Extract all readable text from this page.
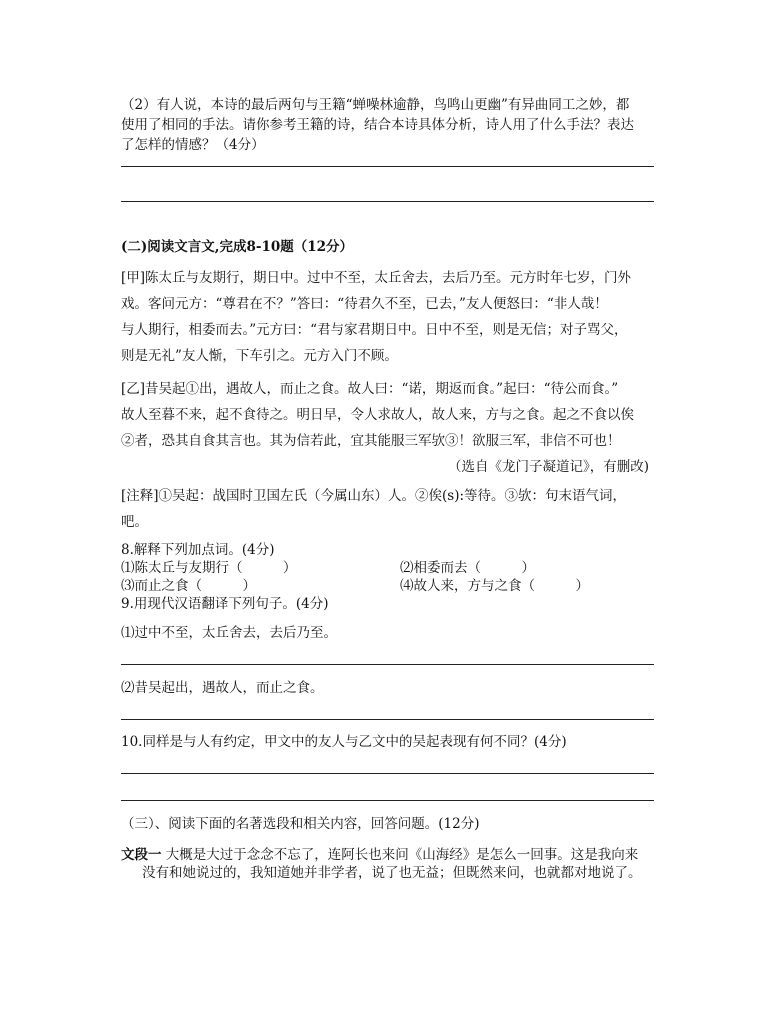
（2）有人说，本诗的最后两句与王籍“蝉噪林逾静，鸟鸣山更幽”有异曲同工之妙，都
使用了相同的手法。请你参考王籍的诗，结合本诗具体分析，诗人用了什么手法？表达
了怎样的情感？（4分）
(二)阅读文言文,完成8-10题（12分）
[甲]陈太丘与友期行，期日中。过中不至，太丘舍去，去后乃至。元方时年七岁，门外
戏。客问元方：“尊君在不？”答曰：“待君久不至，已去，”友人便怒曰：“非人哉！
与人期行，相委而去。”元方曰：“君与家君期日中。日中不至，则是无信；对子骂父，
则是无礼”友人惭，下车引之。元方入门不顾。
[乙]昔吴起①出，遇故人，而止之食。故人曰：“诺，期返而食。”起曰：“待公而食。”
故人至暮不来，起不食待之。明日早，令人求故人，故人来，方与之食。起之不食以俟
②者，恐其自食其言也。其为信若此，宜其能服三军欤③！欲服三军，非信不可也！
（选自《龙门子凝道记》，有删改)
[注释]①吴起：战国时卫国左氏（今属山东）人。②俟(s):等待。③欤：句末语气词，
吧。
8.解释下列加点词。(4分)
⑴陈太丘与友期行（　　　）	⑵相委而去（　　　）
⑶而止之食（　　　）	⑷故人来，方与之食（　　　）
9.用现代汉语翻译下列句子。(4分)
⑴过中不至，太丘舍去，去后乃至。
⑵昔吴起出，遇故人，而止之食。
10.同样是与人有约定，甲文中的友人与乙文中的吴起表现有何不同？(4分)
（三）、阅读下面的名著选段和相关内容，回答问题。(12分)
文段一 大概是大过于念念不忘了，连阿长也来问《山海经》是怎么一回事。这是我向来
没有和她说过的，我知道她并非学者，说了也无益；但既然来问，也就都对地说了。
